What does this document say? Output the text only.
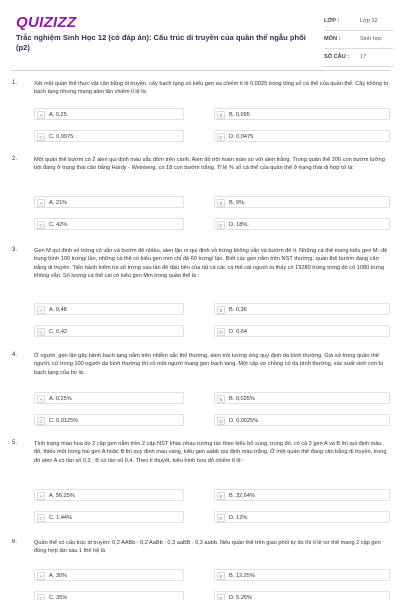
QUIZIZZ
Trắc nghiệm Sinh Học 12 (có đáp án): Cấu trúc di truyền của quần thể ngẫu phối (p2)
LỚP :	Lớp 12
MÔN :	Sinh học
SỐ CÂU : 17
1.	Xét một quần thể thực vật cân bằng di truyền, cây bạch tạng có kiểu gen aa chiếm tỉ lệ 0,0025 trong tổng số cá thể của quần thể. Cây không bị bạch tạng nhưng mang alen lặn chiếm tỉ lệ là:
A	A. 0,25.	B	B. 0,095
C	C. 0,9975.	D	D. 0,0475
2.	Một quần thể bướm có 2 alen qui định màu sắc đốm trên cánh. Alen đỏ trội hoàn toàn so với alen trắng. Trong quần thể 200 con bướm lưỡng bội đang ở trạng thái cân bằng Hardy - Weinberg, có 18 con bướm trắng. Tỉ lệ % số cá thể của quần thể ở trạng thái dị hợp tử là:
A	A. 21%	B	B. 9%.
C	C. 42%.	D	D. 18%.
3.	Gen M qui định vỏ trứng có vằn và bướm đẻ nhiều, alen lặn m qui định vỏ trứng không vằn và bướm đẻ ít. Những cá thể mang kiểu gen M- đẻ trung bình 100 trứng/ lần, những cá thể có kiểu gen mm chỉ đẻ 60 trứng/ lần. Biết các gen nằm trên NST thường, quần thể bướm đang cân bằng di truyền. Tiến hành kiểm tra số trứng sau lần đẻ đầu tiên của tất cả các cá thể cái người ta thấy có 19280 trứng trong đó có 1080 trứng không vằn. Số lượng cá thể cái có kiểu gen Mm trong quần thể là :
A	A. 0,48	B	B. 0,36
C	C. 0,42	D	D. 0,64
4.	Ở người, gen lặn gây bệnh bạch tạng nằm trên nhiễm sắc thể thường, alen trội tương ứng quy định da bình thường. Giả sử trong quần thể người, cứ trong 100 người da bình thường thì có một người mang gen bạch tạng. Một cặp vợ chồng có da bình thường, xác suất sinh con bị bạch tạng của họ là:
A	A. 0,25%	B	B. 0,025%
C	C. 0,0125%	D	D. 0,0025%
5.	Tính trạng màu hoa do 2 cặp gen nằm trên 2 cặp NST khác nhau tương tác theo kiểu bổ sung, trong đó, có cả 2 gen A và B thì qui định màu đỏ, thiếu một trong hai gen A hoặc B thì quy định màu vàng, kiểu gen aabb qui định màu trắng. Ở một quần thể đang cân bằng di truyền, trong đó alen A có tần số 0,3 ; B có tần số 0,4. Theo lí thuyết, kiểu hình hoa đỏ chiếm tỉ lệ :
A	A. 56,25%	B	B. 32,64%
C	C. 1,44%	D	D. 12%
6.	Quần thể có cấu trúc di truyền: 0,2 AABb : 0,2 AaBb : 0,3 aaBB : 0,3 aabb. Nếu quần thể trên giao phối tự do thì tỉ lệ cơ thể mang 2 cặp gen đồng hợp lặn sau 1 thế hệ là
A	A. 30%	B	B. 12.25%
C	C. 35%	D	D. 5.25%
